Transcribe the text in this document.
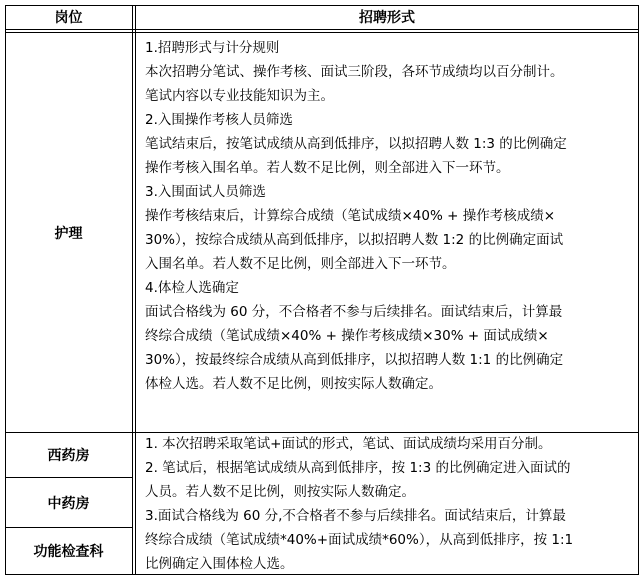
岗位	招聘形式
护理
1.招聘形式与计分规则
本次招聘分笔试、操作考核、面试三阶段，各环节成绩均以百分制计。
笔试内容以专业技能知识为主。
2.入围操作考核人员筛选
笔试结束后，按笔试成绩从高到低排序，以拟招聘人数 1:3 的比例确定
操作考核入围名单。若人数不足比例，则全部进入下一环节。
3.入围面试人员筛选
操作考核结束后，计算综合成绩（笔试成绩×40% + 操作考核成绩×
30%），按综合成绩从高到低排序，以拟招聘人数 1:2 的比例确定面试
入围名单。若人数不足比例，则全部进入下一环节。
4.体检人选确定
面试合格线为 60 分，不合格者不参与后续排名。面试结束后，计算最
终综合成绩（笔试成绩×40% + 操作考核成绩×30% + 面试成绩×
30%），按最终综合成绩从高到低排序，以拟招聘人数 1:1 的比例确定
体检人选。若人数不足比例，则按实际人数确定。
西药房
中药房
功能检查科
1. 本次招聘采取笔试+面试的形式，笔试、面试成绩均采用百分制。
2. 笔试后，根据笔试成绩从高到低排序，按 1:3 的比例确定进入面试的
人员。若人数不足比例，则按实际人数确定。
3.面试合格线为 60 分,不合格者不参与后续排名。面试结束后，计算最
终综合成绩（笔试成绩*40%+面试成绩*60%），从高到低排序，按 1:1
比例确定入围体检人选。
